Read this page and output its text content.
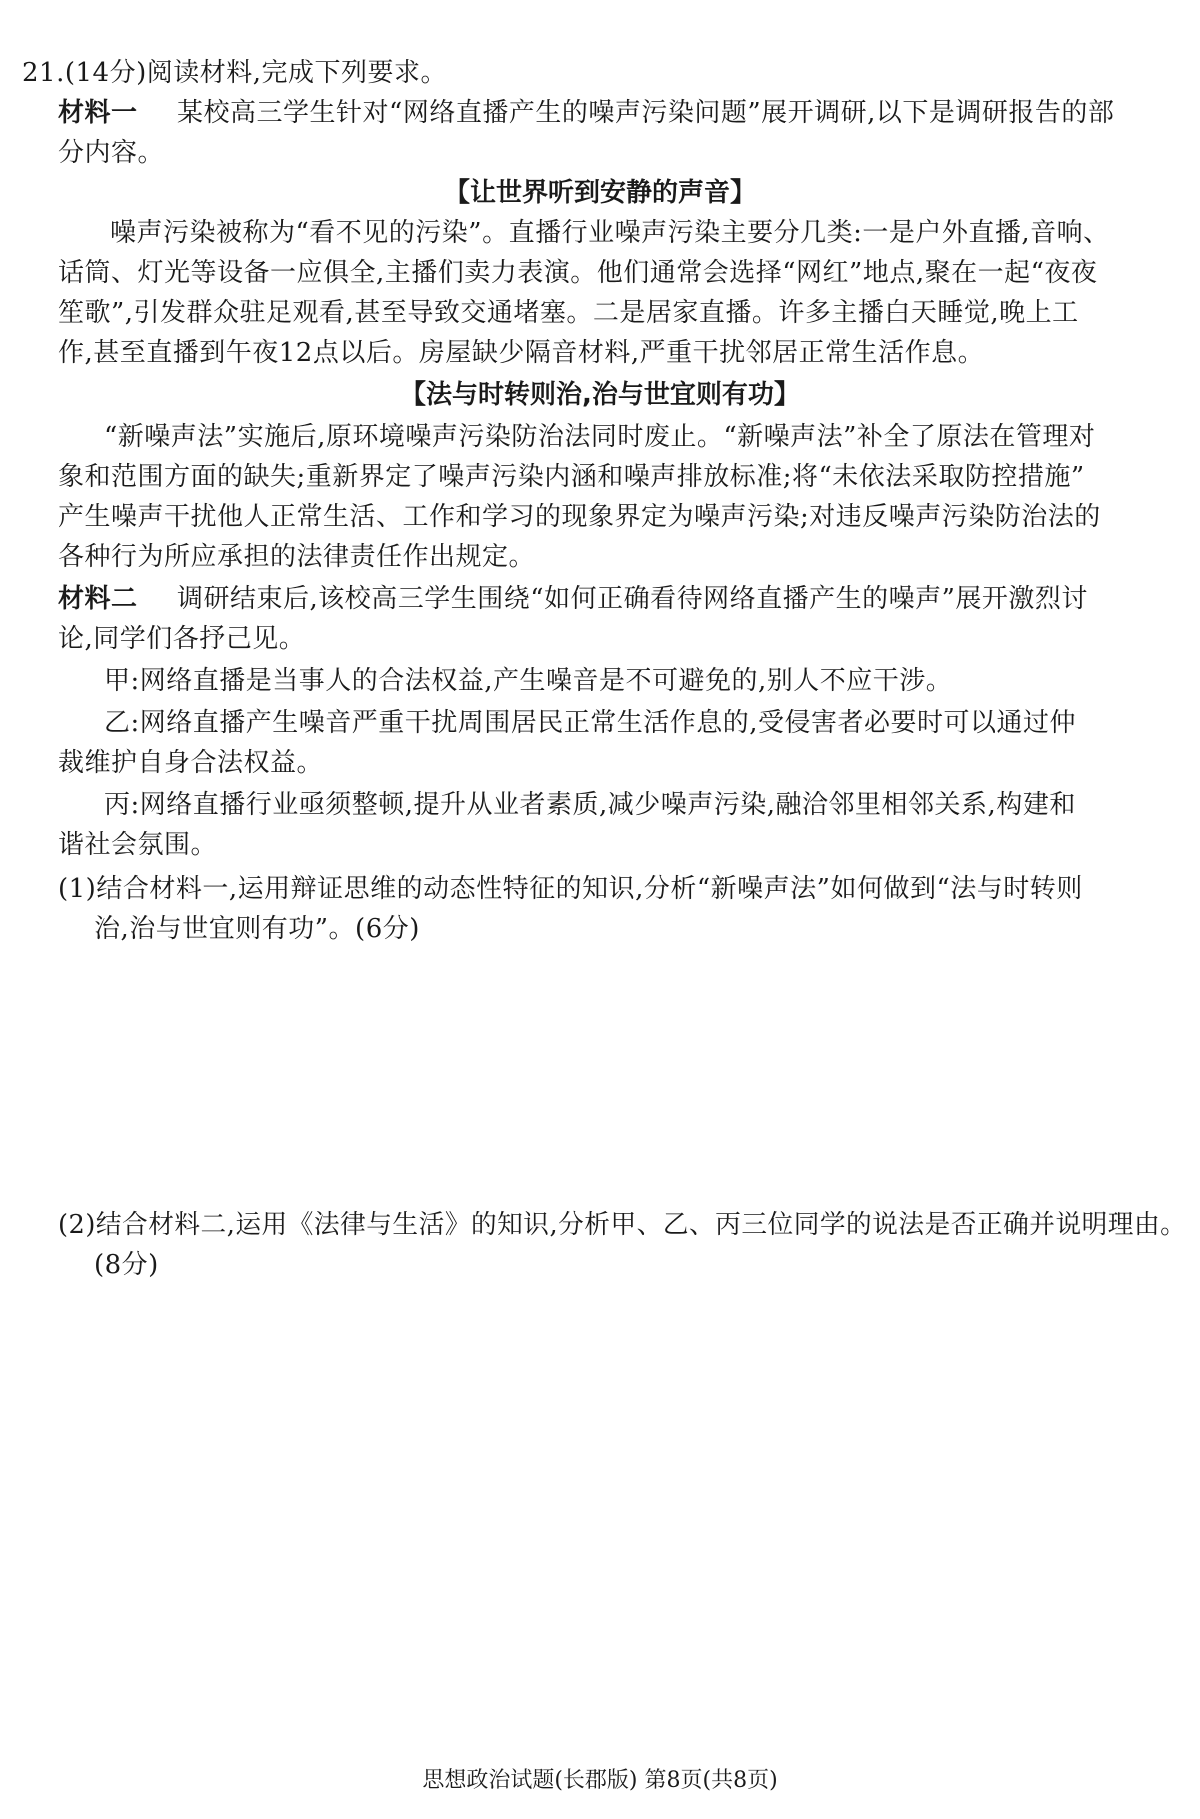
21.(14分)阅读材料,完成下列要求。
材料一 某校高三学生针对“网络直播产生的噪声污染问题”展开调研,以下是调研报告的部
分内容。
【让世界听到安静的声音】
噪声污染被称为“看不见的污染”。直播行业噪声污染主要分几类:一是户外直播,音响、
话筒、灯光等设备一应俱全,主播们卖力表演。他们通常会选择“网红”地点,聚在一起“夜夜
笙歌”,引发群众驻足观看,甚至导致交通堵塞。二是居家直播。许多主播白天睡觉,晚上工
作,甚至直播到午夜12点以后。房屋缺少隔音材料,严重干扰邻居正常生活作息。
【法与时转则治,治与世宜则有功】
“新噪声法”实施后,原环境噪声污染防治法同时废止。“新噪声法”补全了原法在管理对
象和范围方面的缺失;重新界定了噪声污染内涵和噪声排放标准;将“未依法采取防控措施”
产生噪声干扰他人正常生活、工作和学习的现象界定为噪声污染;对违反噪声污染防治法的
各种行为所应承担的法律责任作出规定。
材料二 调研结束后,该校高三学生围绕“如何正确看待网络直播产生的噪声”展开激烈讨
论,同学们各抒己见。
甲:网络直播是当事人的合法权益,产生噪音是不可避免的,别人不应干涉。
乙:网络直播产生噪音严重干扰周围居民正常生活作息的,受侵害者必要时可以通过仲
裁维护自身合法权益。
丙:网络直播行业亟须整顿,提升从业者素质,减少噪声污染,融洽邻里相邻关系,构建和
谐社会氛围。
(1)结合材料一,运用辩证思维的动态性特征的知识,分析“新噪声法”如何做到“法与时转则
治,治与世宜则有功”。(6分)
(2)结合材料二,运用《法律与生活》的知识,分析甲、乙、丙三位同学的说法是否正确并说明理由。
(8分)
思想政治试题(长郡版) 第8页(共8页)
